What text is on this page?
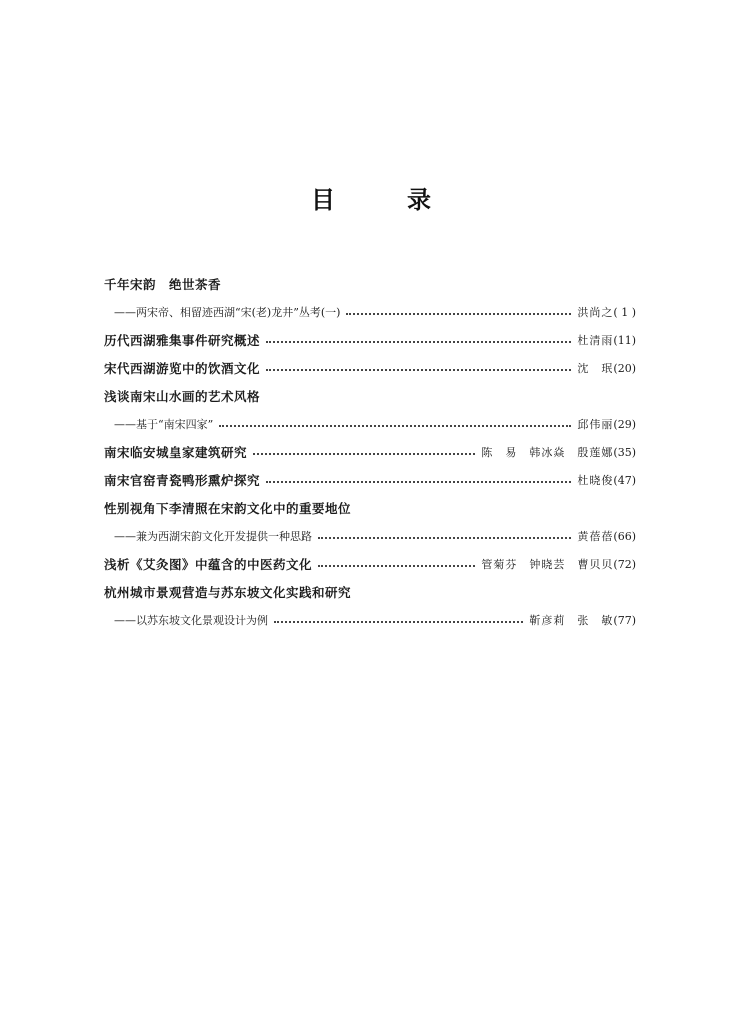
目　录
千年宋韵　绝世茶香
——两宋帝、相留迹西湖“宋(老)龙井”丛考(一)	洪尚之 ( 1 )
历代西湖雅集事件研究概述	杜清雨 (11)
宋代西湖游览中的饮酒文化	沈　珉 (20)
浅谈南宋山水画的艺术风格
——基于“南宋四家”	邱伟丽 (29)
南宋临安城皇家建筑研究	陈　易　韩冰焱　殷莲娜 (35)
南宋官窑青瓷鸭形熏炉探究	杜晓俊 (47)
性别视角下李清照在宋韵文化中的重要地位
——兼为西湖宋韵文化开发提供一种思路	黄蓓蓓 (66)
浅析《艾灸图》中蕴含的中医药文化	管菊芬　钟晓芸　曹贝贝 (72)
杭州城市景观营造与苏东坡文化实践和研究
——以苏东坡文化景观设计为例	靳彦莉　张　敏 (77)
